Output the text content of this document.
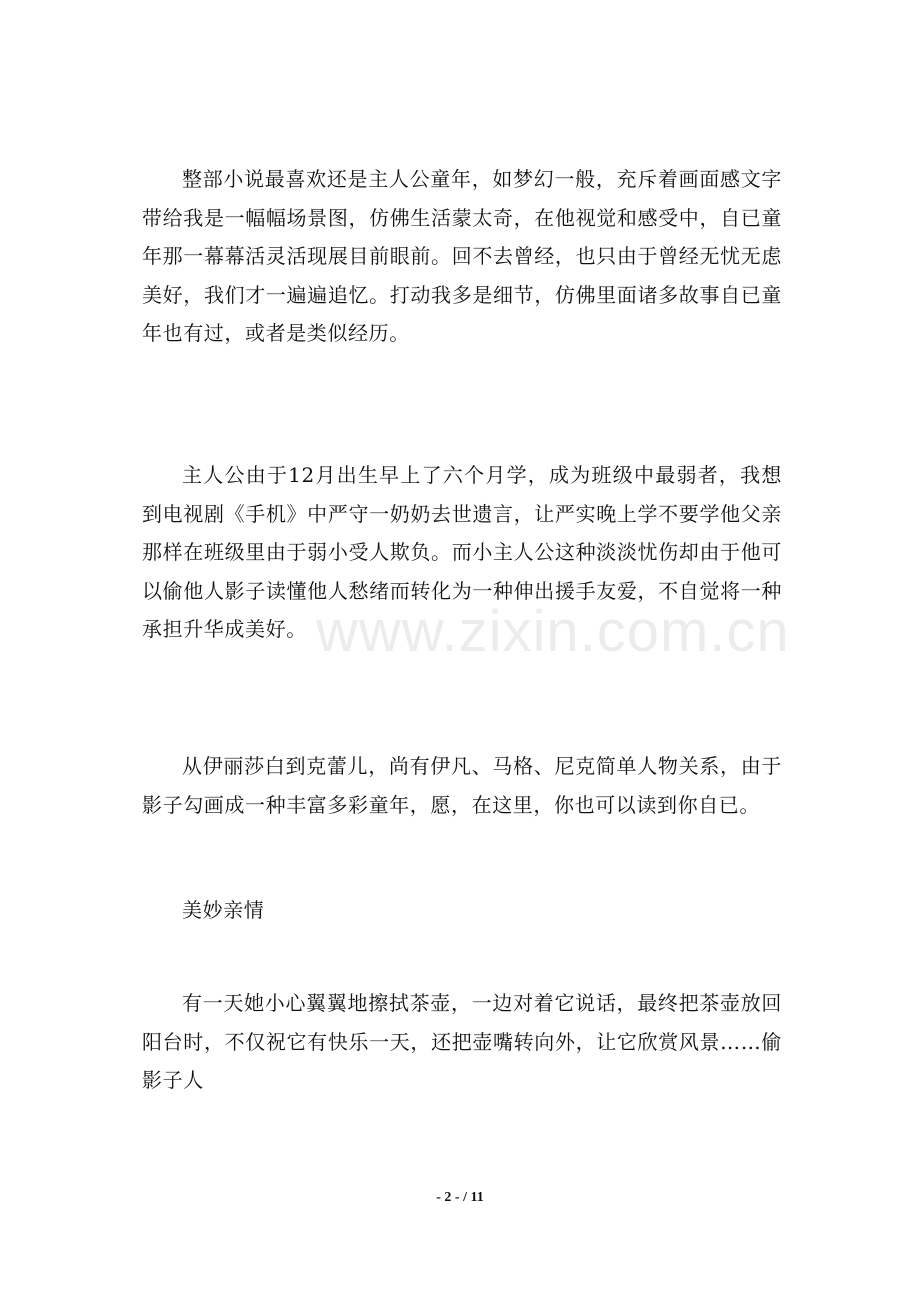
整部小说最喜欢还是主人公童年，如梦幻一般，充斥着画面感文字带给我是一幅幅场景图，仿佛生活蒙太奇，在他视觉和感受中，自已童年那一幕幕活灵活现展目前眼前。回不去曾经，也只由于曾经无忧无虑美好，我们才一遍遍追忆。打动我多是细节，仿佛里面诸多故事自已童年也有过，或者是类似经历。

主人公由于12月出生早上了六个月学，成为班级中最弱者，我想到电视剧《手机》中严守一奶奶去世遗言，让严实晚上学不要学他父亲那样在班级里由于弱小受人欺负。而小主人公这种淡淡忧伤却由于他可以偷他人影子读懂他人愁绪而转化为一种伸出援手友爱，不自觉将一种承担升华成美好。

从伊丽莎白到克蕾儿，尚有伊凡、马格、尼克简单人物关系，由于影子勾画成一种丰富多彩童年，愿，在这里，你也可以读到你自已。

美妙亲情

有一天她小心翼翼地擦拭茶壶，一边对着它说话，最终把茶壶放回阳台时，不仅祝它有快乐一天，还把壶嘴转向外，让它欣赏风景……偷影子人

www.zixin.com.cn
- 2 - / 11
